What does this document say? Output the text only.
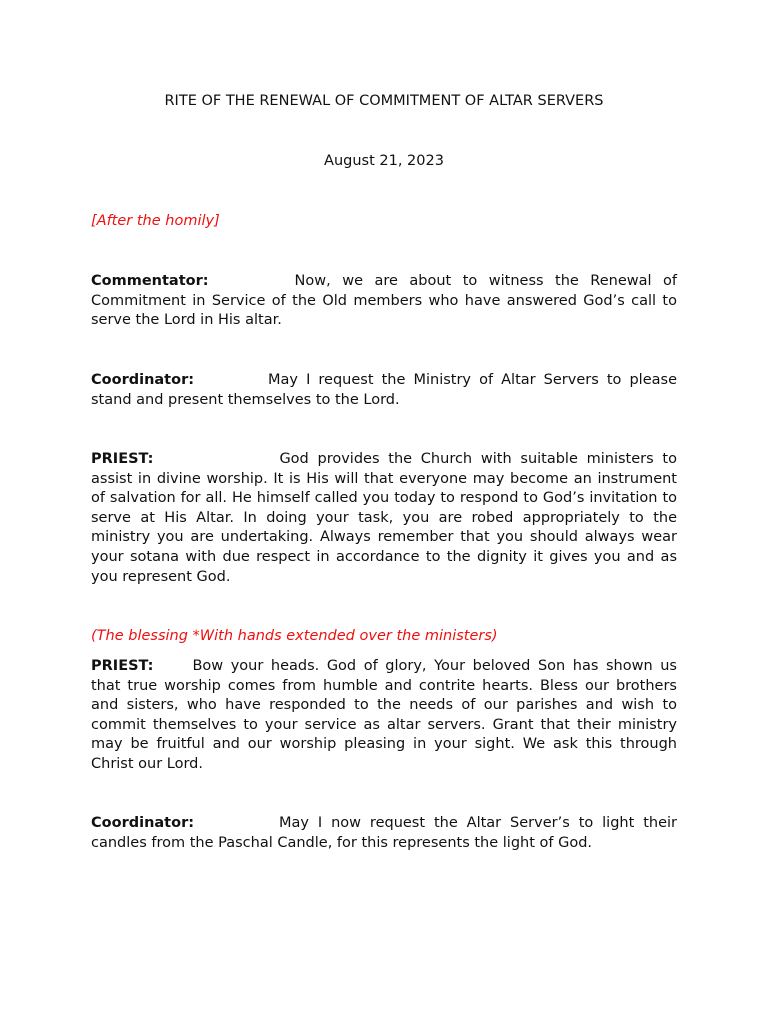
RITE OF THE RENEWAL OF COMMITMENT OF ALTAR SERVERS
August 21, 2023
[After the homily]
Commentator:	Now, we are about to witness the Renewal of Commitment in Service of the Old members who have answered God’s call to serve the Lord in His altar.
Coordinator:	May I request the Ministry of Altar Servers to please stand and present themselves to the Lord.
PRIEST:	God provides the Church with suitable ministers to assist in divine worship. It is His will that everyone may become an instrument of salvation for all. He himself called you today to respond to God’s invitation to serve at His Altar. In doing your task, you are robed appropriately to the ministry you are undertaking. Always remember that you should always wear your sotana with due respect in accordance to the dignity it gives you and as you represent God.
(The blessing *With hands extended over the ministers)
PRIEST:	Bow your heads. God of glory, Your beloved Son has shown us that true worship comes from humble and contrite hearts. Bless our brothers and sisters, who have responded to the needs of our parishes and wish to commit themselves to your service as altar servers. Grant that their ministry may be fruitful and our worship pleasing in your sight. We ask this through Christ our Lord.
Coordinator:	May I now request the Altar Server’s to light their candles from the Paschal Candle, for this represents the light of God.
